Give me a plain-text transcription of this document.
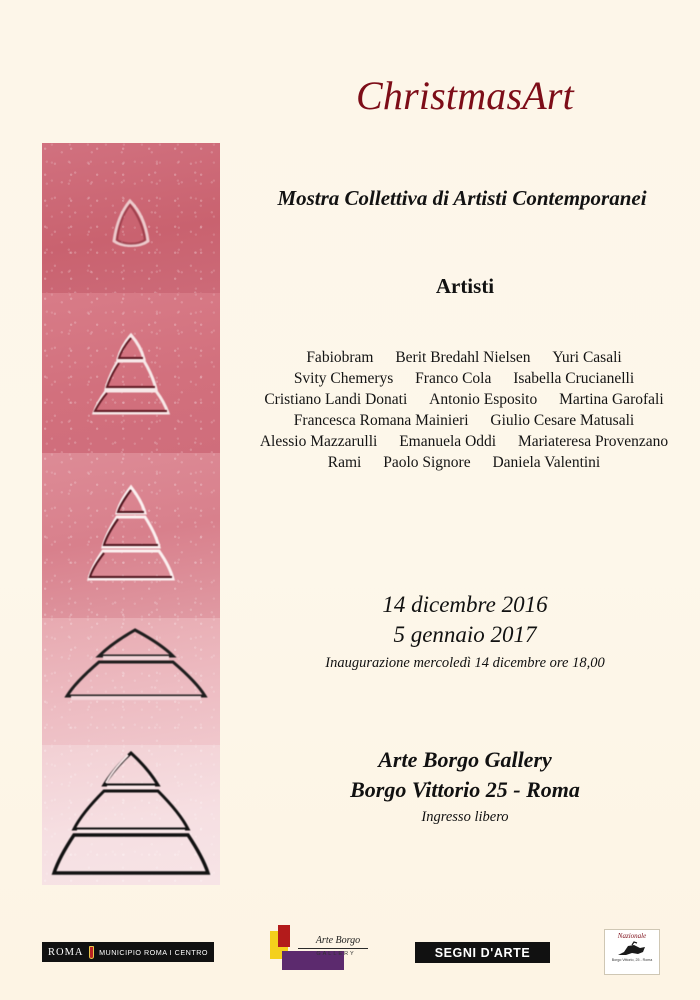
ChristmasArt
Mostra Collettiva di Artisti Contemporanei
Artisti
Fabiobram Berit Bredahl Nielsen Yuri Casali
Svity Chemerys Franco Cola Isabella Crucianelli
Cristiano Landi Donati Antonio Esposito Martina Garofali
Francesca Romana Mainieri Giulio Cesare Matusali
Alessio Mazzarulli Emanuela Oddi Mariateresa Provenzano
Rami Paolo Signore Daniela Valentini
14 dicembre 2016
5 gennaio 2017
Inaugurazione mercoledì 14 dicembre ore 18,00
Arte Borgo Gallery
Borgo Vittorio 25 - Roma
Ingresso libero
ROMA MUNICIPIO ROMA I CENTRO
Arte Borgo
GALLERY	SEGNI D'ARTE
Nazionale
Borgo Vittorio, 25 - Roma
